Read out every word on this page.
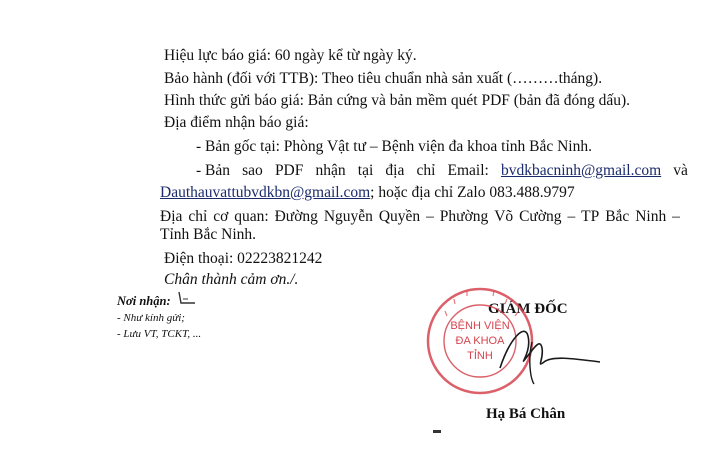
Hiệu lực báo giá: 60 ngày kể từ ngày ký.
Bảo hành (đối với TTB): Theo tiêu chuẩn nhà sản xuất (………tháng).
Hình thức gửi báo giá: Bản cứng và bản mềm quét PDF (bản đã đóng dấu).
Địa điểm nhận báo giá:
- Bản gốc tại: Phòng Vật tư – Bệnh viện đa khoa tỉnh Bắc Ninh.
- Bản sao PDF nhận tại địa chỉ Email: bvdkbacninh@gmail.com và
Dauthauvattubvdkbn@gmail.com; hoặc địa chỉ Zalo 083.488.9797
Địa chỉ cơ quan: Đường Nguyễn Quyền – Phường Võ Cường – TP Bắc Ninh –
Tỉnh Bắc Ninh.
Điện thoại: 02223821242
Chân thành cảm ơn./.
Nơi nhận:
- Như kính gửi;
- Lưu VT, TCKT, ...
GIÁM ĐỐC
BỆNH VIỆN
ĐA KHOA
TỈNH
Hạ Bá Chân
